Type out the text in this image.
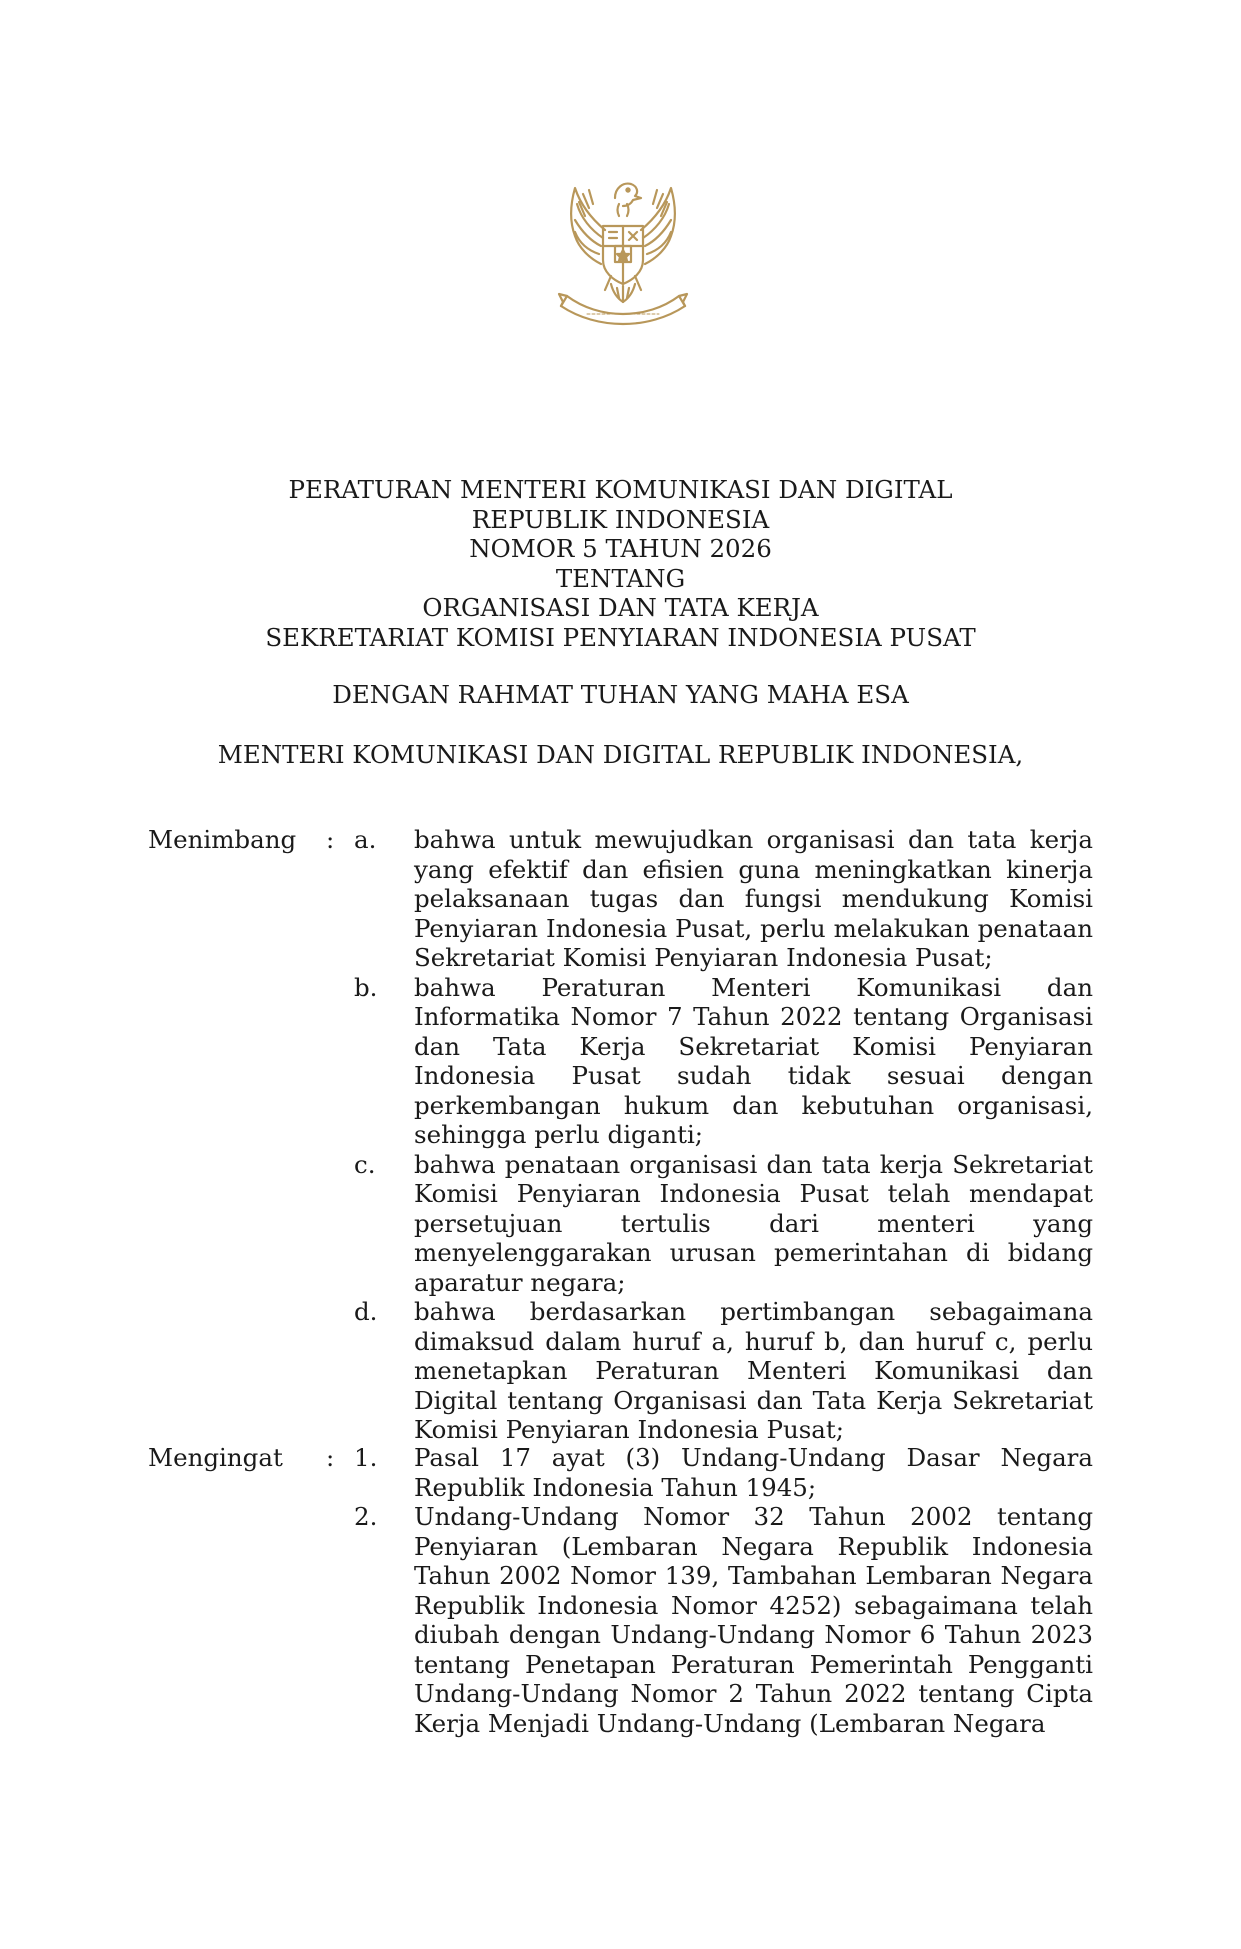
PERATURAN MENTERI KOMUNIKASI DAN DIGITAL
REPUBLIK INDONESIA
NOMOR 5 TAHUN 2026
TENTANG
ORGANISASI DAN TATA KERJA
SEKRETARIAT KOMISI PENYIARAN INDONESIA PUSAT
DENGAN RAHMAT TUHAN YANG MAHA ESA
MENTERI KOMUNIKASI DAN DIGITAL REPUBLIK INDONESIA,
Menimbang : a. bahwa untuk mewujudkan organisasi dan tata kerja yang efektif dan efisien guna meningkatkan kinerja pelaksanaan tugas dan fungsi mendukung Komisi Penyiaran Indonesia Pusat, perlu melakukan penataan Sekretariat Komisi Penyiaran Indonesia Pusat;
b. bahwa Peraturan Menteri Komunikasi dan Informatika Nomor 7 Tahun 2022 tentang Organisasi dan Tata Kerja Sekretariat Komisi Penyiaran Indonesia Pusat sudah tidak sesuai dengan perkembangan hukum dan kebutuhan organisasi, sehingga perlu diganti;
c. bahwa penataan organisasi dan tata kerja Sekretariat Komisi Penyiaran Indonesia Pusat telah mendapat persetujuan tertulis dari menteri yang menyelenggarakan urusan pemerintahan di bidang aparatur negara;
d. bahwa berdasarkan pertimbangan sebagaimana dimaksud dalam huruf a, huruf b, dan huruf c, perlu menetapkan Peraturan Menteri Komunikasi dan Digital tentang Organisasi dan Tata Kerja Sekretariat Komisi Penyiaran Indonesia Pusat;
Mengingat : 1. Pasal 17 ayat (3) Undang-Undang Dasar Negara Republik Indonesia Tahun 1945;
2. Undang-Undang Nomor 32 Tahun 2002 tentang Penyiaran (Lembaran Negara Republik Indonesia Tahun 2002 Nomor 139, Tambahan Lembaran Negara Republik Indonesia Nomor 4252) sebagaimana telah diubah dengan Undang-Undang Nomor 6 Tahun 2023 tentang Penetapan Peraturan Pemerintah Pengganti Undang-Undang Nomor 2 Tahun 2022 tentang Cipta Kerja Menjadi Undang-Undang (Lembaran Negara
